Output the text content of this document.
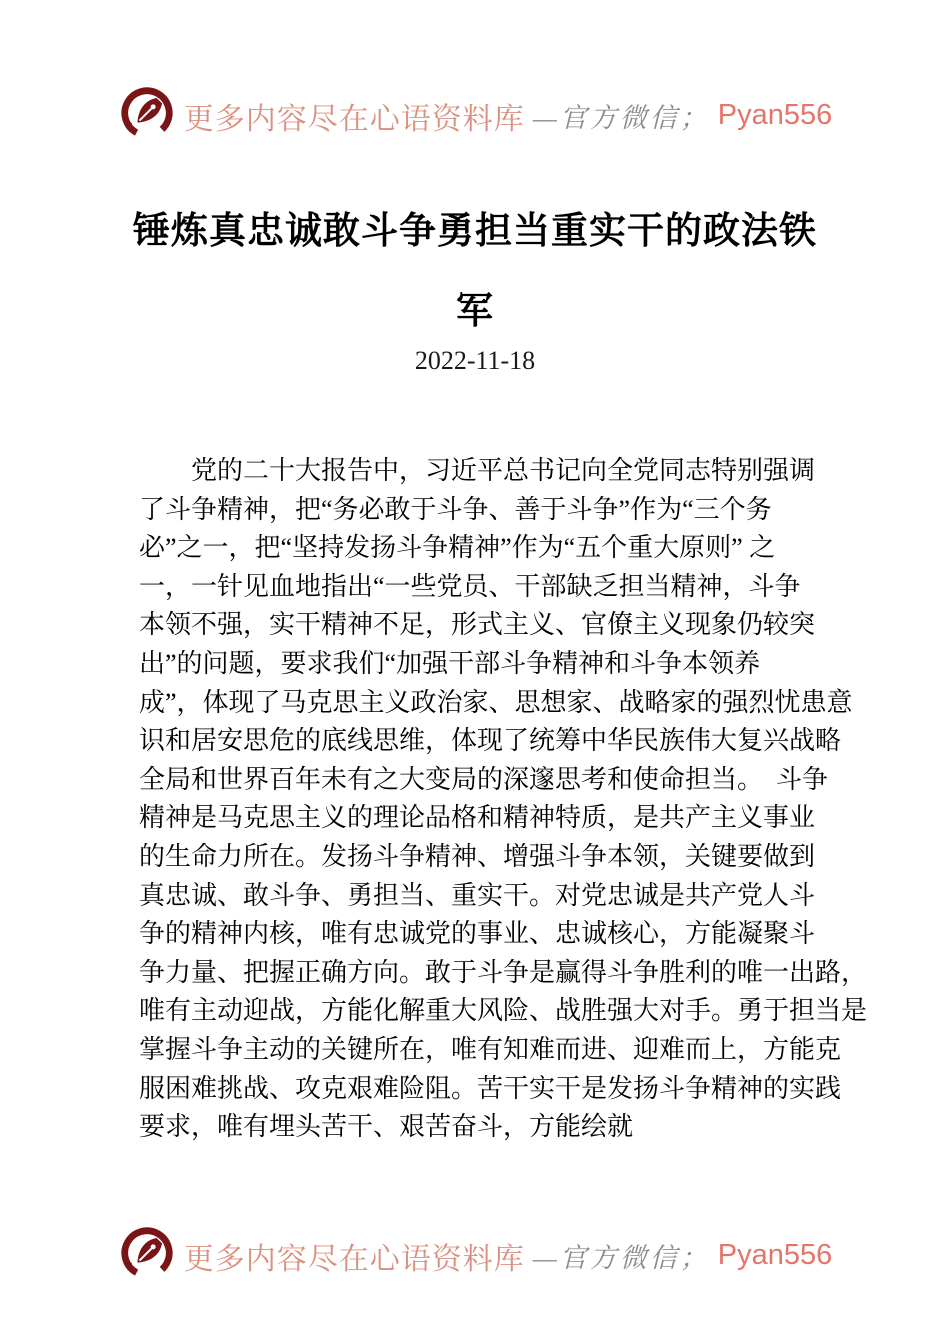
更多内容尽在心语资料库 —官方微信； Pyan556
锤炼真忠诚敢斗争勇担当重实干的政法铁
军
2022-11-18
党的二十大报告中，习近平总书记向全党同志特别强调
了斗争精神，把“务必敢于斗争、善于斗争”作为“三个务
必”之一，把“坚持发扬斗争精神”作为“五个重大原则” 之
一，一针见血地指出“一些党员、干部缺乏担当精神，斗争
本领不强，实干精神不足，形式主义、官僚主义现象仍较突
出”的问题，要求我们“加强干部斗争精神和斗争本领养
成”，体现了马克思主义政治家、思想家、战略家的强烈忧患意
识和居安思危的底线思维，体现了统筹中华民族伟大复兴战略
全局和世界百年未有之大变局的深邃思考和使命担当。　斗争
精神是马克思主义的理论品格和精神特质，是共产主义事业
的生命力所在。发扬斗争精神、增强斗争本领，关键要做到
真忠诚、敢斗争、勇担当、重实干。对党忠诚是共产党人斗
争的精神内核，唯有忠诚党的事业、忠诚核心，方能凝聚斗
争力量、把握正确方向。敢于斗争是赢得斗争胜利的唯一出路，
唯有主动迎战，方能化解重大风险、战胜强大对手。勇于担当是
掌握斗争主动的关键所在，唯有知难而进、迎难而上，方能克
服困难挑战、攻克艰难险阻。苦干实干是发扬斗争精神的实践
要求，唯有埋头苦干、艰苦奋斗，方能绘就
更多内容尽在心语资料库 —官方微信； Pyan556
